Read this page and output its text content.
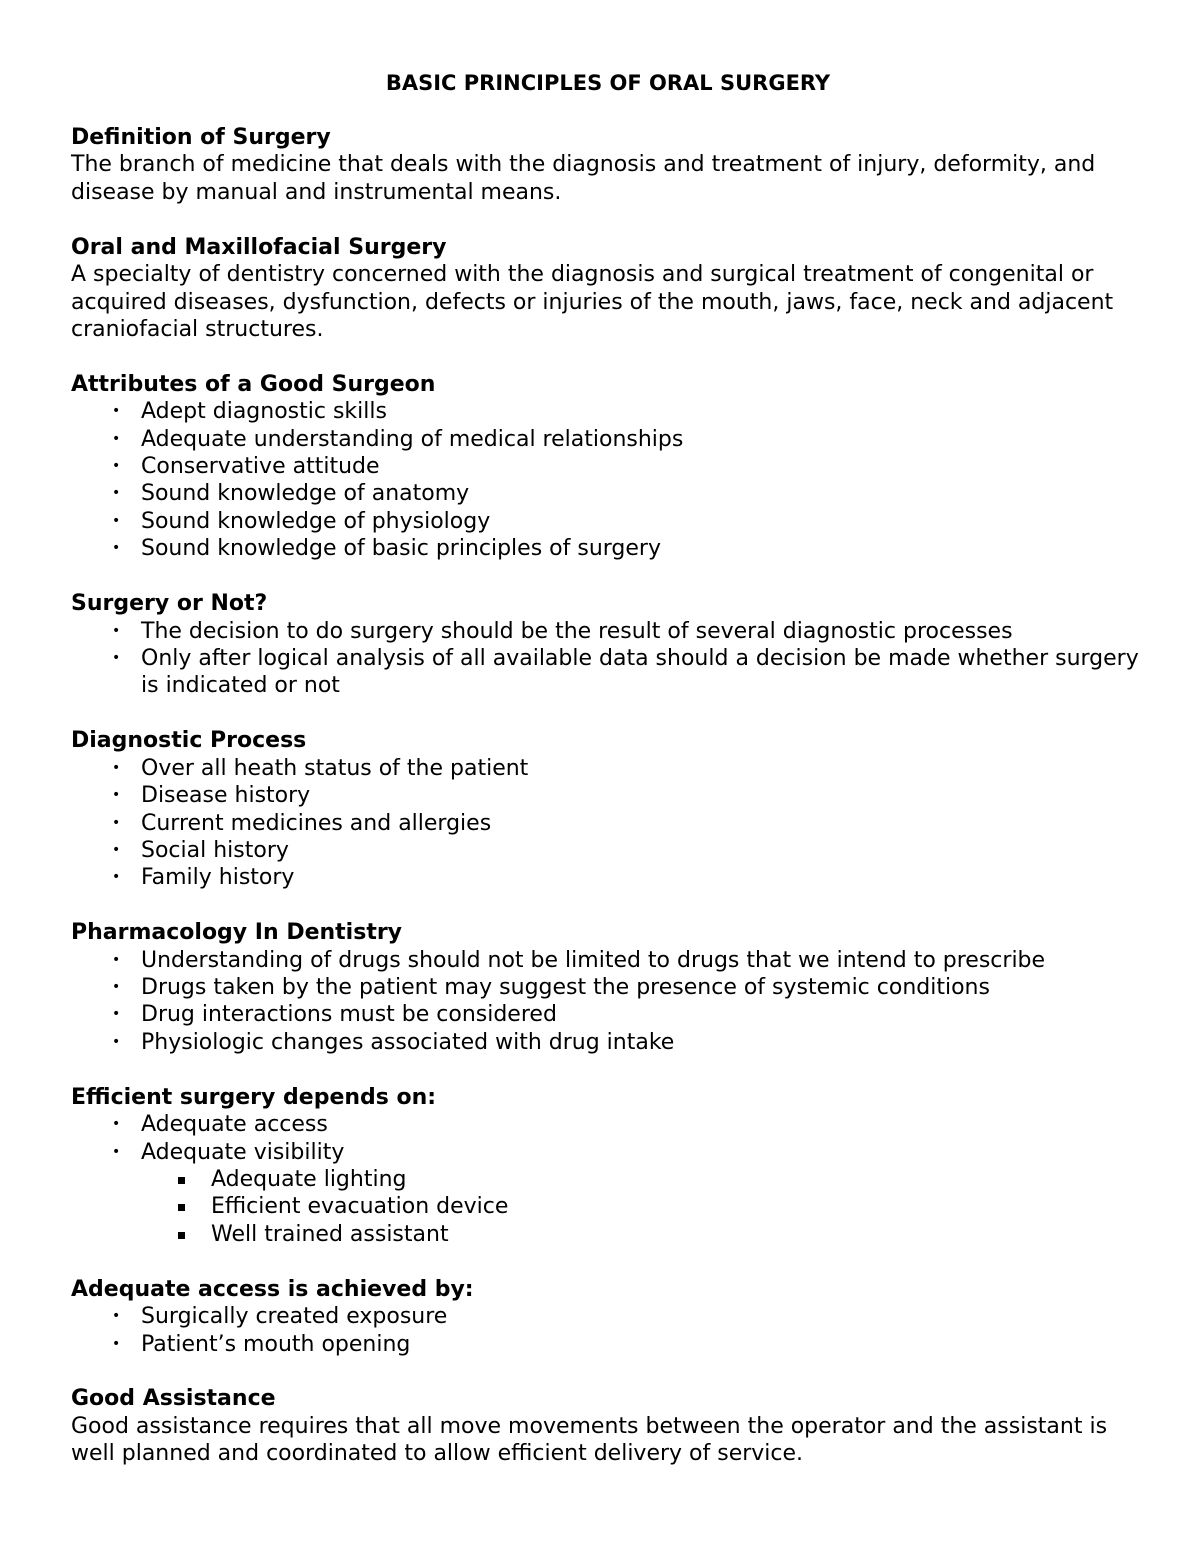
BASIC PRINCIPLES OF ORAL SURGERY
Definition of Surgery
The branch of medicine that deals with the diagnosis and treatment of injury, deformity, and disease by manual and instrumental means.
Oral and Maxillofacial Surgery
A specialty of dentistry concerned with the diagnosis and surgical treatment of congenital or acquired diseases, dysfunction, defects or injuries of the mouth, jaws, face, neck and adjacent craniofacial structures.
Attributes of a Good Surgeon
• Adept diagnostic skills
• Adequate understanding of medical relationships
• Conservative attitude
• Sound knowledge of anatomy
• Sound knowledge of physiology
• Sound knowledge of basic principles of surgery
Surgery or Not?
• The decision to do surgery should be the result of several diagnostic processes
• Only after logical analysis of all available data should a decision be made whether surgery is indicated or not
Diagnostic Process
• Over all heath status of the patient
• Disease history
• Current medicines and allergies
• Social history
• Family history
Pharmacology In Dentistry
• Understanding of drugs should not be limited to drugs that we intend to prescribe
• Drugs taken by the patient may suggest the presence of systemic conditions
• Drug interactions must be considered
• Physiologic changes associated with drug intake
Efficient surgery depends on:
• Adequate access
• Adequate visibility
Adequate lighting
Efficient evacuation device
Well trained assistant
Adequate access is achieved by:
• Surgically created exposure
• Patient’s mouth opening
Good Assistance
Good assistance requires that all move movements between the operator and the assistant is well planned and coordinated to allow efficient delivery of service.
